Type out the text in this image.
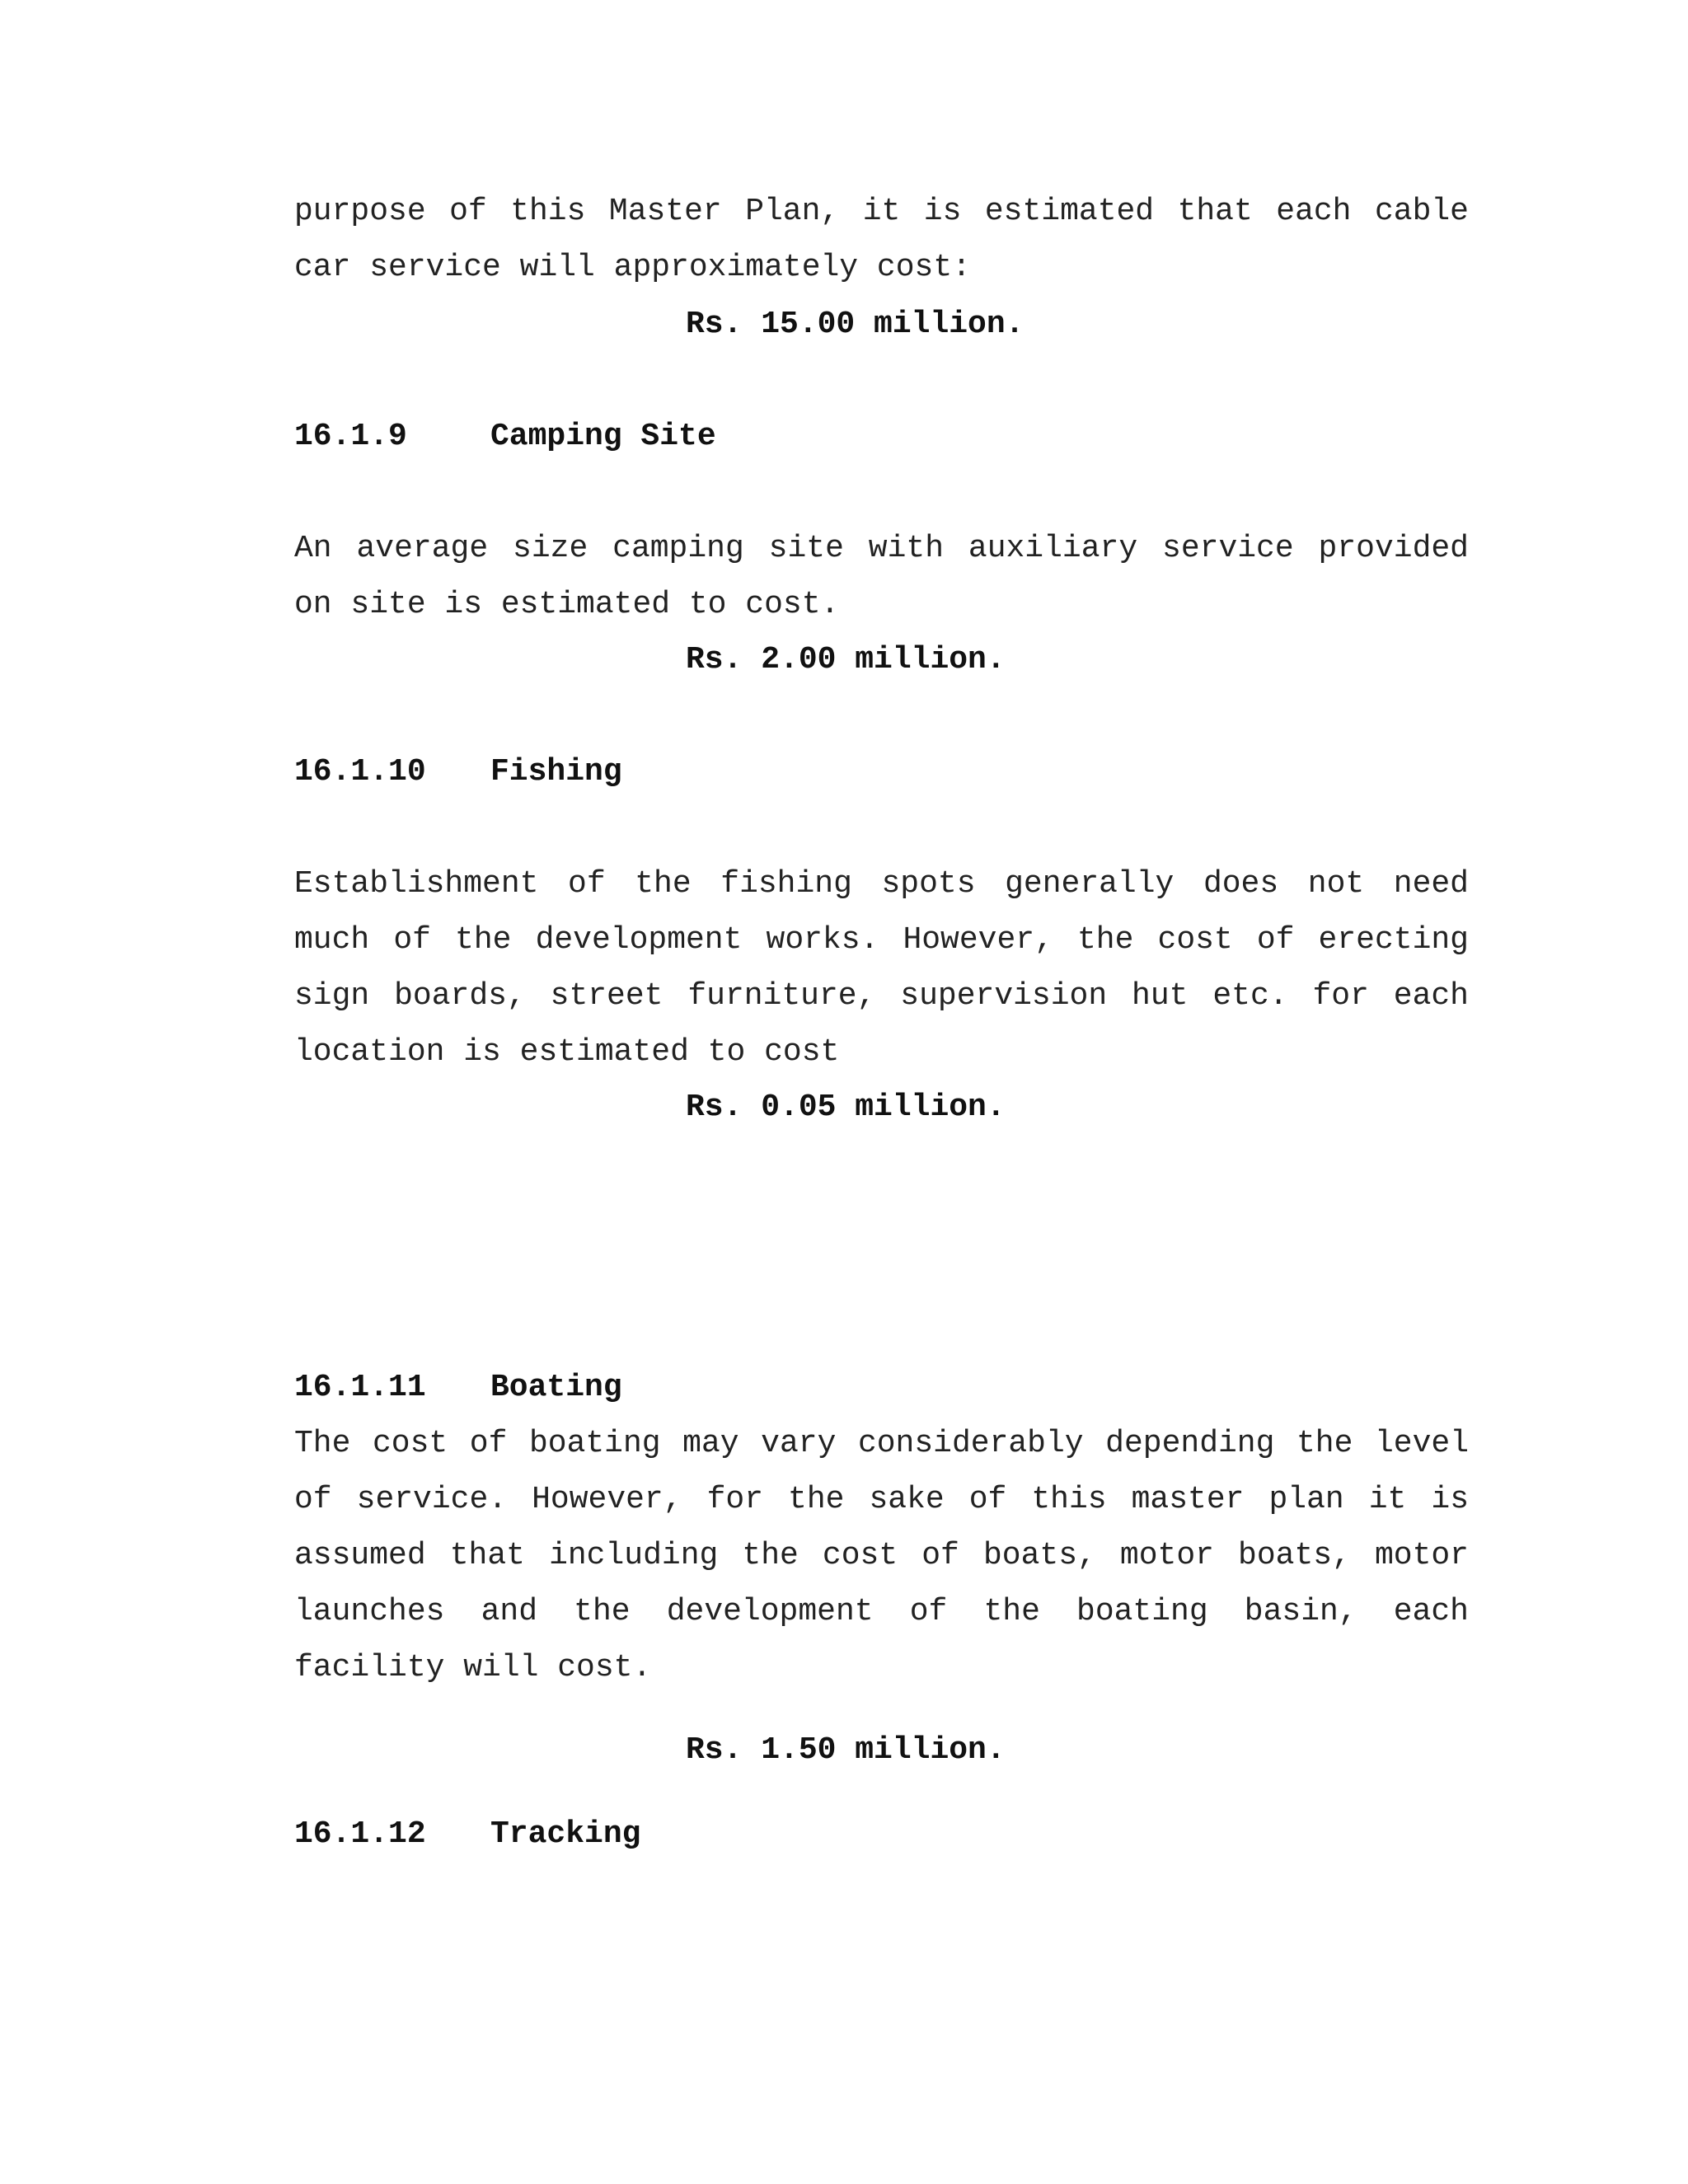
purpose of this Master Plan, it is estimated that each cable car service will approximately cost:

Rs. 15.00 million.
16.1.9	Camping Site

An average size camping site with auxiliary service provided on site is estimated to cost.

Rs. 2.00 million.
16.1.10 Fishing

Establishment of the fishing spots generally does not need much of the development works. However, the cost of erecting sign boards, street furniture, supervision hut etc. for each location is estimated to cost

Rs. 0.05 million.
16.1.11 Boating

The cost of boating may vary considerably depending the level of service. However, for the sake of this master plan it is assumed that including the cost of boats, motor boats, motor launches and the development of the boating basin, each facility will cost.

Rs. 1.50 million.
16.1.12 Tracking
